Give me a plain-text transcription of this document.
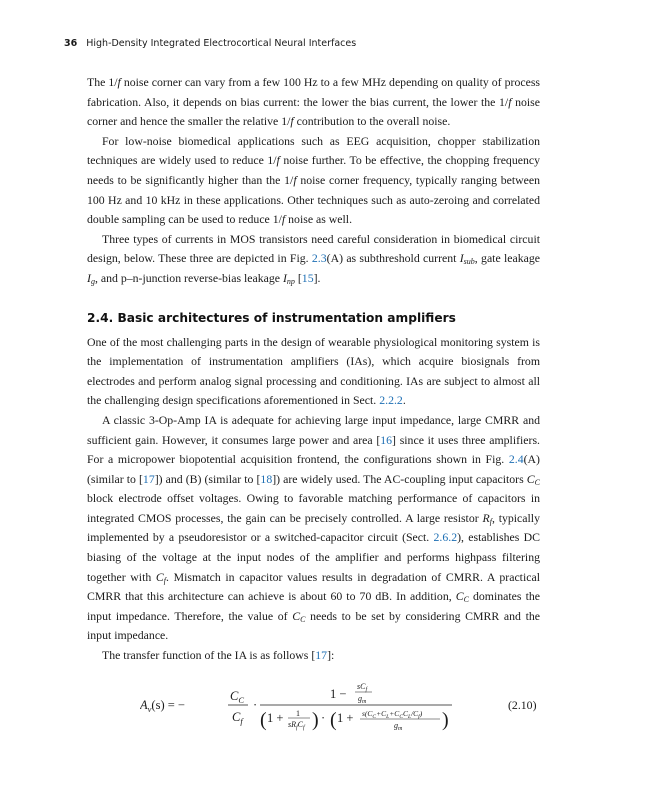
36 High-Density Integrated Electrocortical Neural Interfaces

The 1/f noise corner can vary from a few 100 Hz to a few MHz depending on quality of process fabrication. Also, it depends on bias current: the lower the bias current, the lower the 1/f noise corner and hence the smaller the relative 1/f contribution to the overall noise.

For low-noise biomedical applications such as EEG acquisition, chopper stabilization techniques are widely used to reduce 1/f noise further. To be effective, the chopping frequency needs to be significantly higher than the 1/f noise corner frequency, typically ranging between 100 Hz and 10 kHz in these applications. Other techniques such as auto-zeroing and correlated double sampling can be used to reduce 1/f noise as well.

Three types of currents in MOS transistors need careful consideration in biomedical circuit design, below. These three are depicted in Fig. 2.3(A) as subthreshold current $I_{sub}$, gate leakage $I_g$, and p–n-junction reverse-bias leakage $I_{np}$ [15].

2.4. Basic architectures of instrumentation amplifiers

One of the most challenging parts in the design of wearable physiological monitoring system is the implementation of instrumentation amplifiers (IAs), which acquire biosignals from electrodes and perform analog signal processing and conditioning. IAs are subject to almost all the challenging design specifications aforementioned in Sect. 2.2.2.

A classic 3-Op-Amp IA is adequate for achieving large input impedance, large CMRR and sufficient gain. However, it consumes large power and area [16] since it uses three amplifiers. For a micropower biopotential acquisition frontend, the configurations shown in Fig. 2.4(A) (similar to [17]) and (B) (similar to [18]) are widely used. The AC-coupling input capacitors $C_C$ block electrode offset voltages. Owing to favorable matching performance of capacitors in integrated CMOS processes, the gain can be precisely controlled. A large resistor $R_f$, typically implemented by a pseudoresistor or a switched-capacitor circuit (Sect. 2.6.2), establishes DC biasing of the voltage at the input nodes of the amplifier and performs highpass filtering together with $C_f$. Mismatch in capacitor values results in degradation of CMRR. A practical CMRR that this architecture can achieve is about 60 to 70 dB. In addition, $C_C$ dominates the input impedance. Therefore, the value of $C_C$ needs to be set by considering CMRR and the input impedance.

The transfer function of the IA is as follows [17]:

$A_v(s)$ = −
$C_C$
$C_f$
·
1 −
$sC_f$
$g_m$
( 1 + 1
$sR_fC_f$ ) · ( $1 + s(C_C+C_L+C_CC_L/C_f)$
$g_m$ )
(2.10)
